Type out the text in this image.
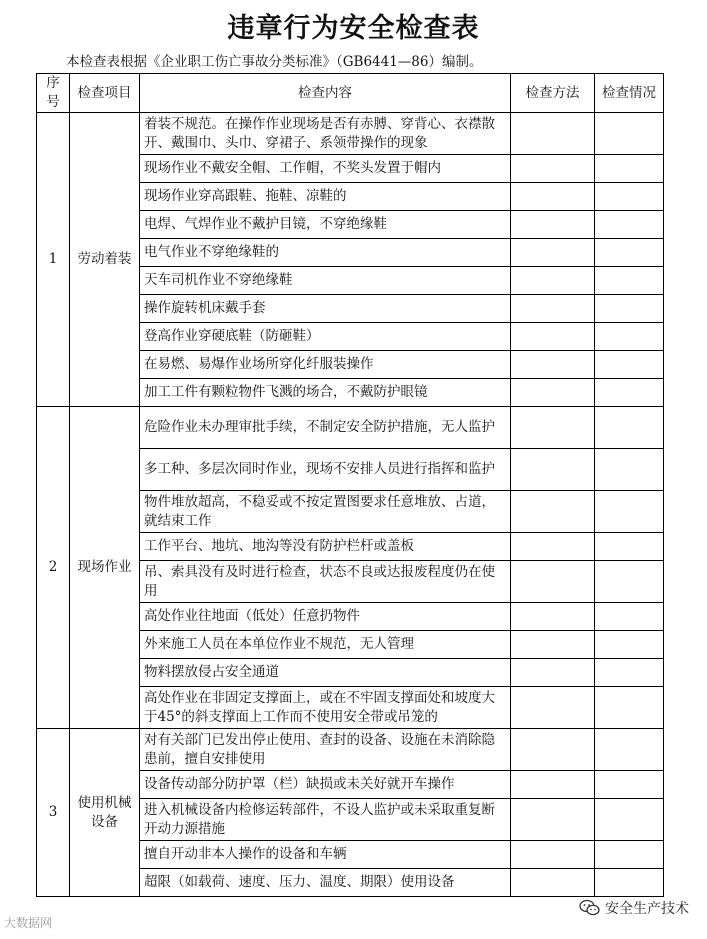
违章行为安全检查表
本检查表根据《企业职工伤亡事故分类标准》（GB6441—86）编制。
序号	检查项目	检查内容	检查方法	检查情况
1	劳动着装	着装不规范。在操作作业现场是否有赤膊、穿背心、衣襟散开、戴围巾、头巾、穿裙子、系领带操作的现象		
		现场作业不戴安全帽、工作帽，不奖头发置于帽内		
		现场作业穿高跟鞋、拖鞋、凉鞋的		
		电焊、气焊作业不戴护目镜，不穿绝缘鞋		
		电气作业不穿绝缘鞋的		
		天车司机作业不穿绝缘鞋		
		操作旋转机床戴手套		
		登高作业穿硬底鞋（防砸鞋）		
		在易燃、易爆作业场所穿化纤服装操作		
		加工工件有颗粒物件飞溅的场合，不戴防护眼镜		
2	现场作业	危险作业未办理审批手续，不制定安全防护措施，无人监护		
		多工种、多层次同时作业，现场不安排人员进行指挥和监护		
		物件堆放超高，不稳妥或不按定置图要求任意堆放、占道，就结束工作		
		工作平台、地坑、地沟等没有防护栏杆或盖板		
		吊、索具没有及时进行检查，状态不良或达报废程度仍在使用		
		高处作业往地面（低处）任意扔物件		
		外来施工人员在本单位作业不规范，无人管理		
		物料摆放侵占安全通道		
		高处作业在非固定支撑面上，或在不牢固支撑面处和坡度大于45°的斜支撑面上工作而不使用安全带或吊笼的		
3	使用机械设备	对有关部门已发出停止使用、查封的设备、设施在未消除隐患前，擅自安排使用		
		设备传动部分防护罩（栏）缺损或未关好就开车操作		
		进入机械设备内检修运转部件，不设人监护或未采取重复断开动力源措施		
		擅自开动非本人操作的设备和车辆		
		超限（如载荷、速度、压力、温度、期限）使用设备		
大数据网
安全生产技术
